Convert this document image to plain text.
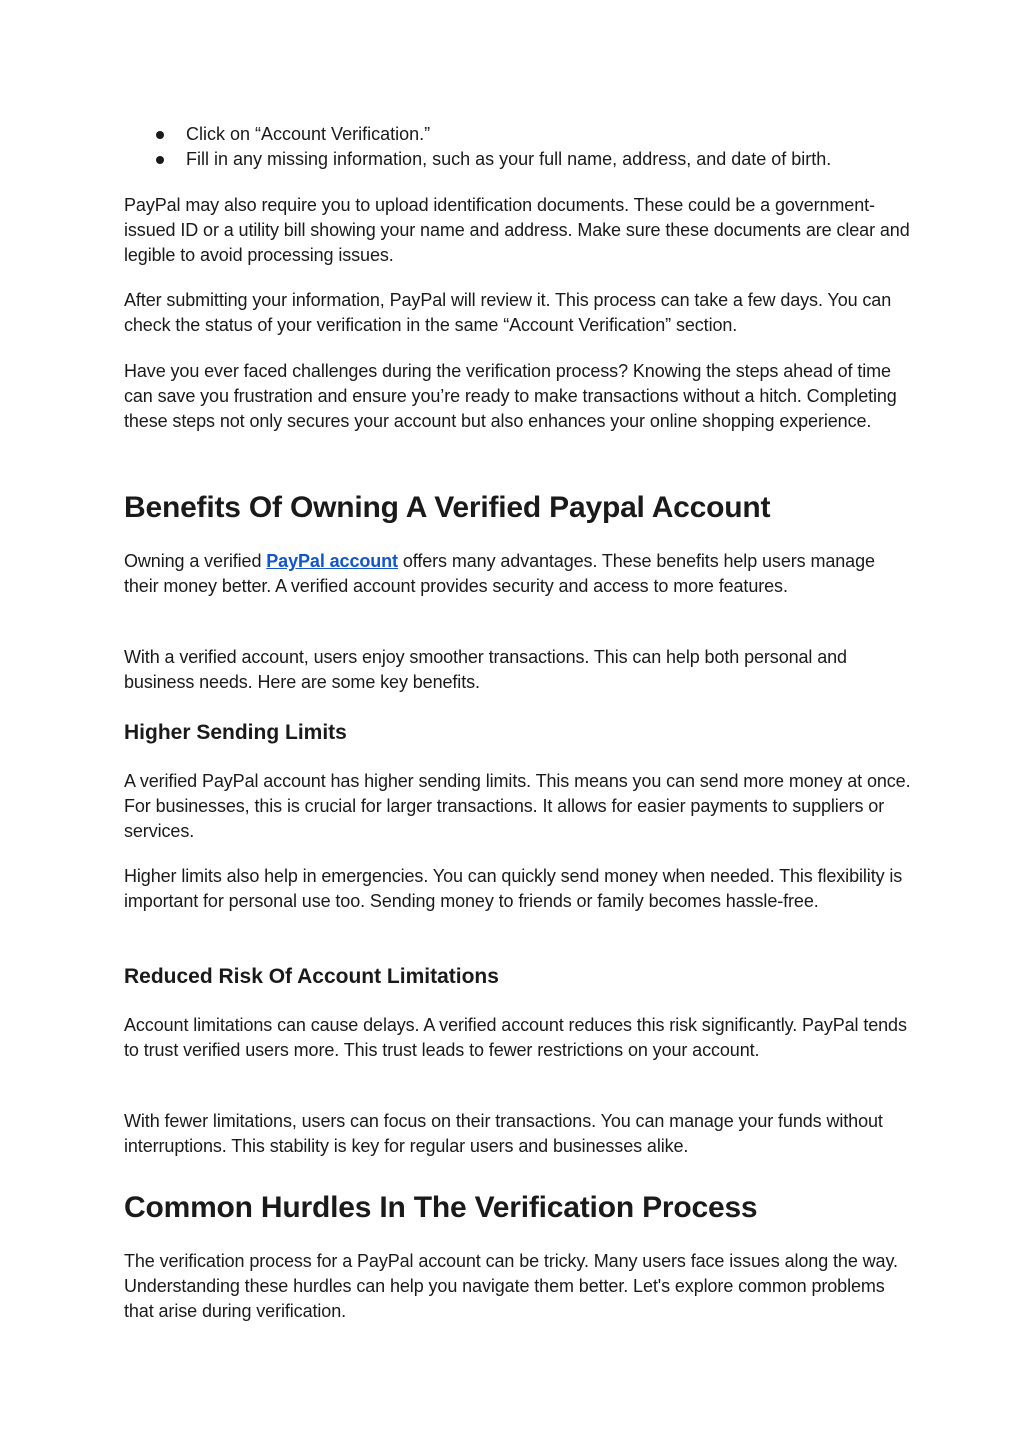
Click on “Account Verification.”
Fill in any missing information, such as your full name, address, and date of birth.

PayPal may also require you to upload identification documents. These could be a government-issued ID or a utility bill showing your name and address. Make sure these documents are clear and legible to avoid processing issues.

After submitting your information, PayPal will review it. This process can take a few days. You can check the status of your verification in the same “Account Verification” section.

Have you ever faced challenges during the verification process? Knowing the steps ahead of time can save you frustration and ensure you’re ready to make transactions without a hitch. Completing these steps not only secures your account but also enhances your online shopping experience.

Benefits Of Owning A Verified Paypal Account

Owning a verified PayPal account offers many advantages. These benefits help users manage their money better. A verified account provides security and access to more features.

With a verified account, users enjoy smoother transactions. This can help both personal and business needs. Here are some key benefits.

Higher Sending Limits

A verified PayPal account has higher sending limits. This means you can send more money at once. For businesses, this is crucial for larger transactions. It allows for easier payments to suppliers or services.

Higher limits also help in emergencies. You can quickly send money when needed. This flexibility is important for personal use too. Sending money to friends or family becomes hassle-free.

Reduced Risk Of Account Limitations

Account limitations can cause delays. A verified account reduces this risk significantly. PayPal tends to trust verified users more. This trust leads to fewer restrictions on your account.

With fewer limitations, users can focus on their transactions. You can manage your funds without interruptions. This stability is key for regular users and businesses alike.

Common Hurdles In The Verification Process

The verification process for a PayPal account can be tricky. Many users face issues along the way. Understanding these hurdles can help you navigate them better. Let's explore common problems that arise during verification.
